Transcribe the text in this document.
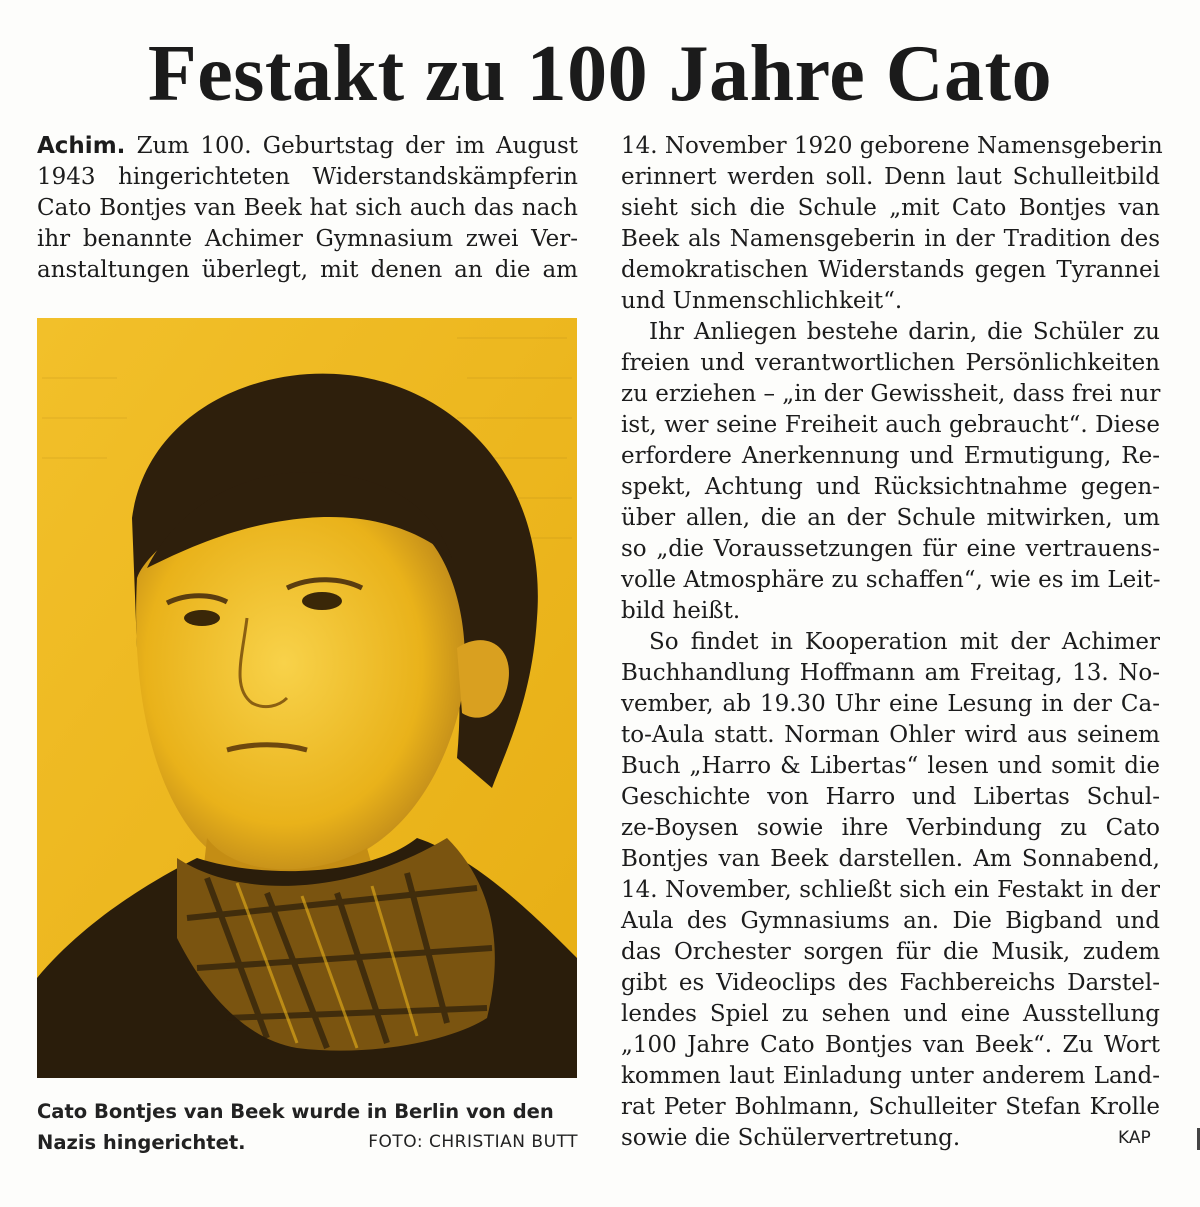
Festakt zu 100 Jahre Cato
Achim. Zum 100. Geburtstag der im August
1943 hingerichteten Widerstandskämpferin
Cato Bontjes van Beek hat sich auch das nach
ihr benannte Achimer Gymnasium zwei Ver-
anstaltungen überlegt, mit denen an die am
Cato Bontjes van Beek wurde in Berlin von den
Nazis hingerichtet.	FOTO: CHRISTIAN BUTT
14. November 1920 geborene Namensgeberin
erinnert werden soll. Denn laut Schulleitbild
sieht sich die Schule „mit Cato Bontjes van
Beek als Namensgeberin in der Tradition des
demokratischen Widerstands gegen Tyrannei
und Unmenschlichkeit“.
Ihr Anliegen bestehe darin, die Schüler zu
freien und verantwortlichen Persönlichkeiten
zu erziehen – „in der Gewissheit, dass frei nur
ist, wer seine Freiheit auch gebraucht“. Diese
erfordere Anerkennung und Ermutigung, Re-
spekt, Achtung und Rücksichtnahme gegen-
über allen, die an der Schule mitwirken, um
so „die Voraussetzungen für eine vertrauens-
volle Atmosphäre zu schaffen“, wie es im Leit-
bild heißt.
So findet in Kooperation mit der Achimer
Buchhandlung Hoffmann am Freitag, 13. No-
vember, ab 19.30 Uhr eine Lesung in der Ca-
to-Aula statt. Norman Ohler wird aus seinem
Buch „Harro & Libertas“ lesen und somit die
Geschichte von Harro und Libertas Schul-
ze-Boysen sowie ihre Verbindung zu Cato
Bontjes van Beek darstellen. Am Sonnabend,
14. November, schließt sich ein Festakt in der
Aula des Gymnasiums an. Die Bigband und
das Orchester sorgen für die Musik, zudem
gibt es Videoclips des Fachbereichs Darstel-
lendes Spiel zu sehen und eine Ausstellung
„100 Jahre Cato Bontjes van Beek“. Zu Wort
kommen laut Einladung unter anderem Land-
rat Peter Bohlmann, Schulleiter Stefan Krolle
sowie die Schülervertretung.	KAP
